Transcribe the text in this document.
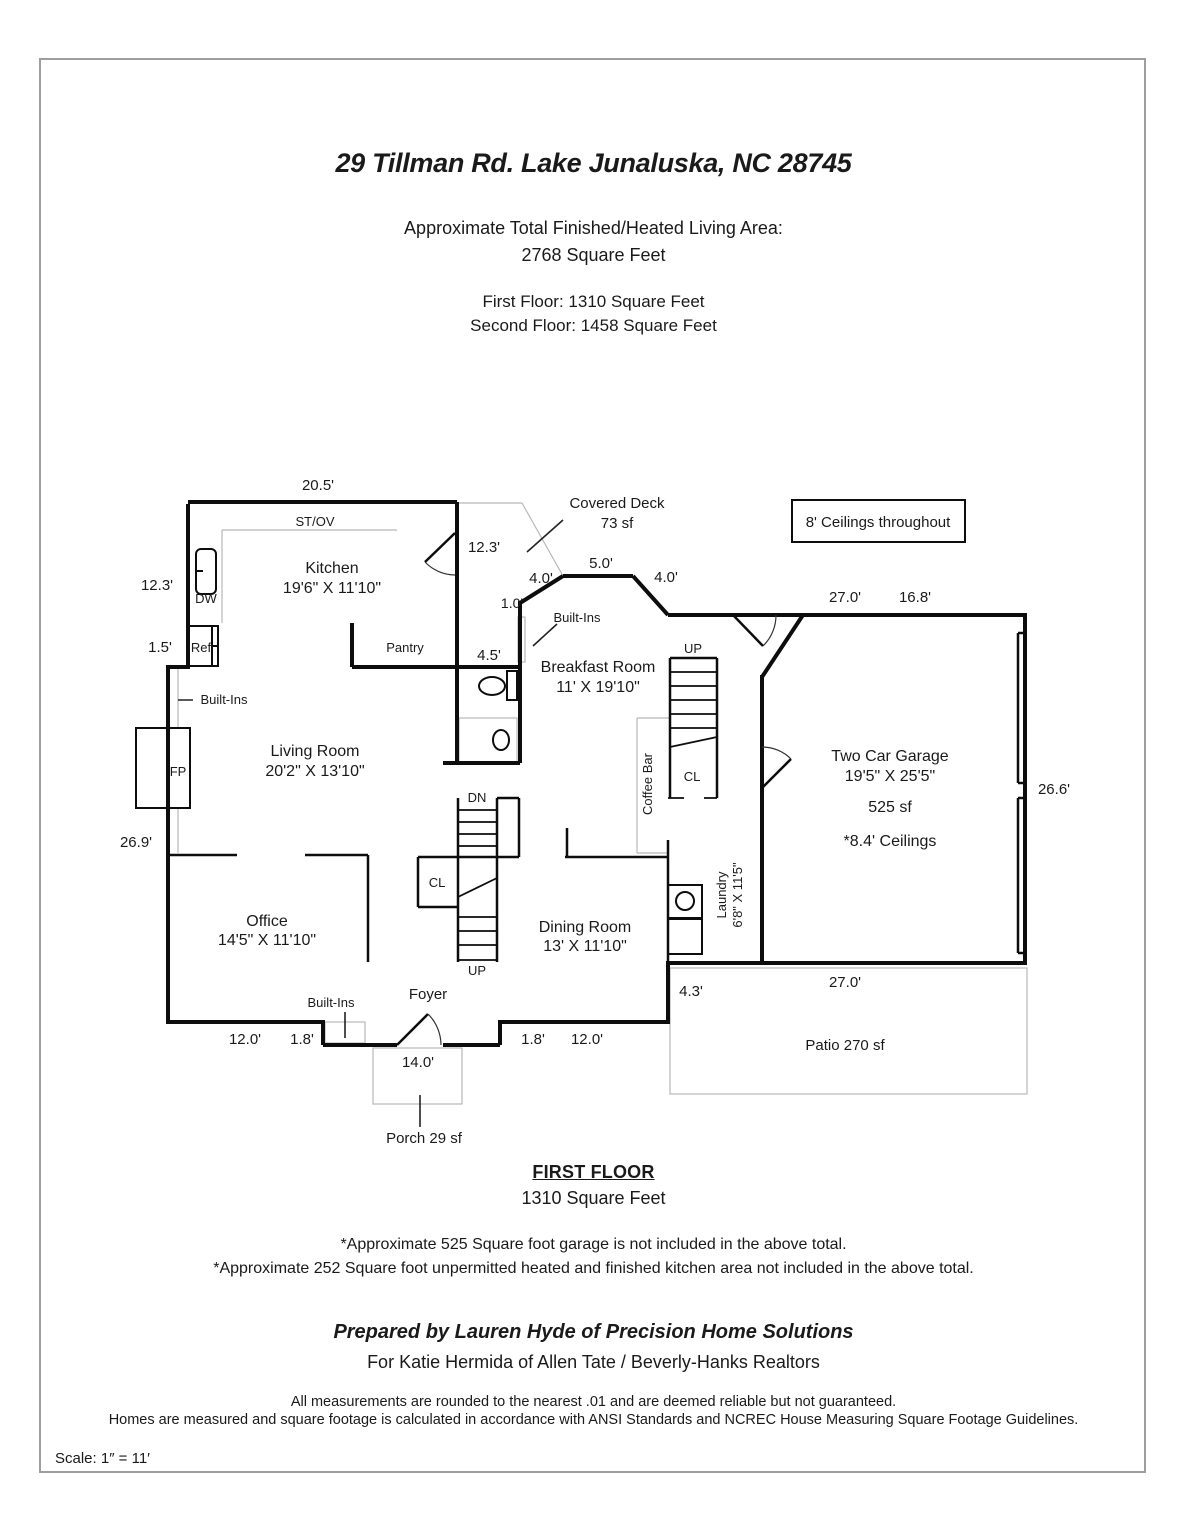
29 Tillman Rd. Lake Junaluska, NC 28745
Approximate Total Finished/Heated Living Area:
2768 Square Feet
First Floor: 1310 Square Feet
Second Floor: 1458 Square Feet
20.5'
ST/OV
12.3'
DW
Kitchen
19'6" X 11'10"
1.5' Ref	Pantry
12.3'
Covered Deck
73 sf
4.0'
5.0'
4.0'
1.0'
Built-Ins
8' Ceilings throughout
27.0'	16.8'
4.5'
Breakfast Room
11' X 19'10"
UP
Built-Ins
FP
Living Room
20'2" X 13'10"	Coffee Bar CL
Two Car Garage
19'5" X 25'5"
525 sf
*8.4' Ceilings
26.6'
26.9'
DN
CL
UP
Office
14'5" X 11'10"
Dining Room
13' X 11'10"
Laundry 6'8" X 11'5"
Foyer
Built-Ins
12.0' 1.8'
14.0'
1.8' 12.0'
4.3'
27.0'
Patio 270 sf
Porch 29 sf
FIRST FLOOR
1310 Square Feet
*Approximate 525 Square foot garage is not included in the above total.
*Approximate 252 Square foot unpermitted heated and finished kitchen area not included in the above total.
Prepared by Lauren Hyde of Precision Home Solutions
For Katie Hermida of Allen Tate / Beverly-Hanks Realtors
All measurements are rounded to the nearest .01 and are deemed reliable but not guaranteed.
Homes are measured and square footage is calculated in accordance with ANSI Standards and NCREC House Measuring Square Footage Guidelines.
Scale: 1″ = 11′
